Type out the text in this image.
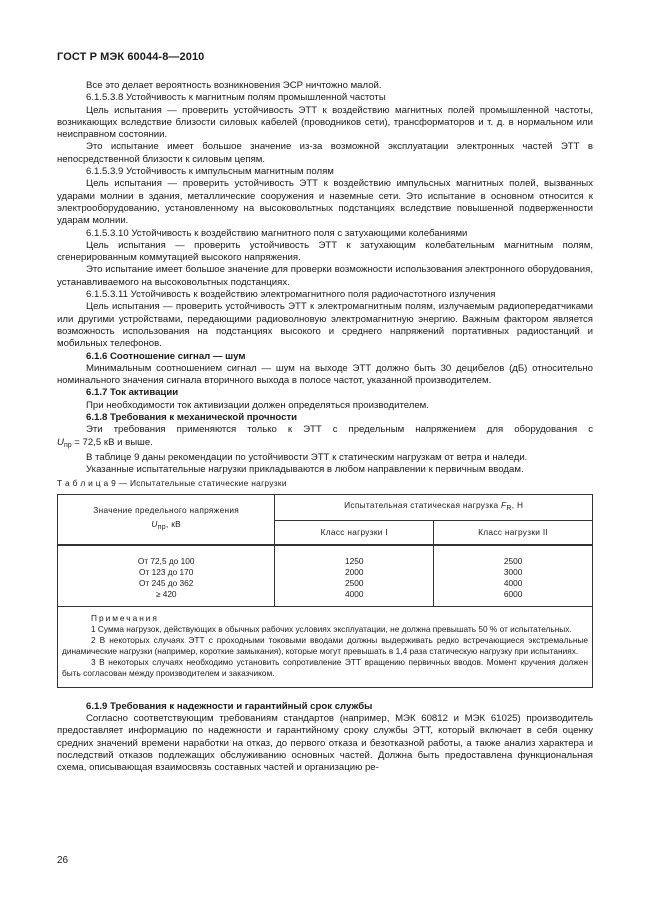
ГОСТ Р МЭК 60044-8—2010

Все это делает вероятность возникновения ЭСР ничтожно малой.

6.1.5.3.8 Устойчивость к магнитным полям промышленной частоты

Цель испытания — проверить устойчивость ЭТТ к воздействию магнитных полей промышленной частоты, возникающих вследствие близости силовых кабелей (проводников сети), трансформаторов и т. д. в нормальном или неисправном состоянии.

Это испытание имеет большое значение из-за возможной эксплуатации электронных частей ЭТТ в непосредственной близости к силовым цепям.

6.1.5.3.9 Устойчивость к импульсным магнитным полям

Цель испытания — проверить устойчивость ЭТТ к воздействию импульсных магнитных полей, вызванных ударами молнии в здания, металлические сооружения и наземные сети. Это испытание в основном относится к электрооборудованию, установленному на высоковольтных подстанциях вследствие повышенной подверженности ударам молнии.

6.1.5.3.10 Устойчивость к воздействию магнитного поля с затухающими колебаниями

Цель испытания — проверить устойчивость ЭТТ к затухающим колебательным магнитным полям, сгенерированным коммутацией высокого напряжения.

Это испытание имеет большое значение для проверки возможности использования электронного оборудования, устанавливаемого на высоковольтных подстанциях.

6.1.5.3.11 Устойчивость к воздействию электромагнитного поля радиочастотного излучения

Цель испытания — проверить устойчивость ЭТТ к электромагнитным полям, излучаемым радиопередатчиками или другими устройствами, передающими радиоволновую электромагнитную энергию. Важным фактором является возможность использования на подстанциях высокого и среднего напряжений портативных радиостанций и мобильных телефонов.

6.1.6 Соотношение сигнал — шум

Минимальным соотношением сигнал — шум на выходе ЭТТ должно быть 30 децибелов (дБ) относительно номинального значения сигнала вторичного выхода в полосе частот, указанной производителем.

6.1.7 Ток активации

При необходимости ток активизации должен определяться производителем.

6.1.8 Требования к механической прочности

Эти требования применяются только к ЭТТ с предельным напряжением для оборудования с

$U_{пр} = 72,5$ кВ и выше.

В таблице 9 даны рекомендации по устойчивости ЭТТ к статическим нагрузкам от ветра и наледи.

Указанные испытательные нагрузки прикладываются в любом направлении к первичным вводам.

Т а б л и ц а 9 — Испытательные статические нагрузки

Значение предельного напряжения
$U_{пр}$, кВ	Испытательная статическая нагрузка $F_R$, Н	
	Класс нагрузки I	Класс нагрузки II
От 72,5 до 100	1250	2500
От 123 до 170	2000	3000
От 245 до 362	2500	4000
≥ 420	4000	6000

Примечания

1 Сумма нагрузок, действующих в обычных рабочих условиях эксплуатации, не должна превышать 50 % от испытательных.

2 В некоторых случаях ЭТТ с проходными токовыми вводами должны выдерживать редко встречающиеся экстремальные динамические нагрузки (например, короткие замыкания), которые могут превышать в 1,4 раза статическую нагрузку при испытаниях.

3 В некоторых случаях необходимо установить сопротивление ЭТТ вращению первичных вводов. Момент кручения должен быть согласован между производителем и заказчиком.		

6.1.9 Требования к надежности и гарантийный срок службы

Согласно соответствующим требованиям стандартов (например, МЭК 60812 и МЭК 61025) производитель предоставляет информацию по надежности и гарантийному сроку службы ЭТТ, который включает в себя оценку средних значений времени наработки на отказ, до первого отказа и безотказной работы, а также анализ характера и последствий отказов подлежащих обслуживанию основных частей. Должна быть предоставлена функциональная схема, описывающая взаимосвязь составных частей и организацию ре-

26
